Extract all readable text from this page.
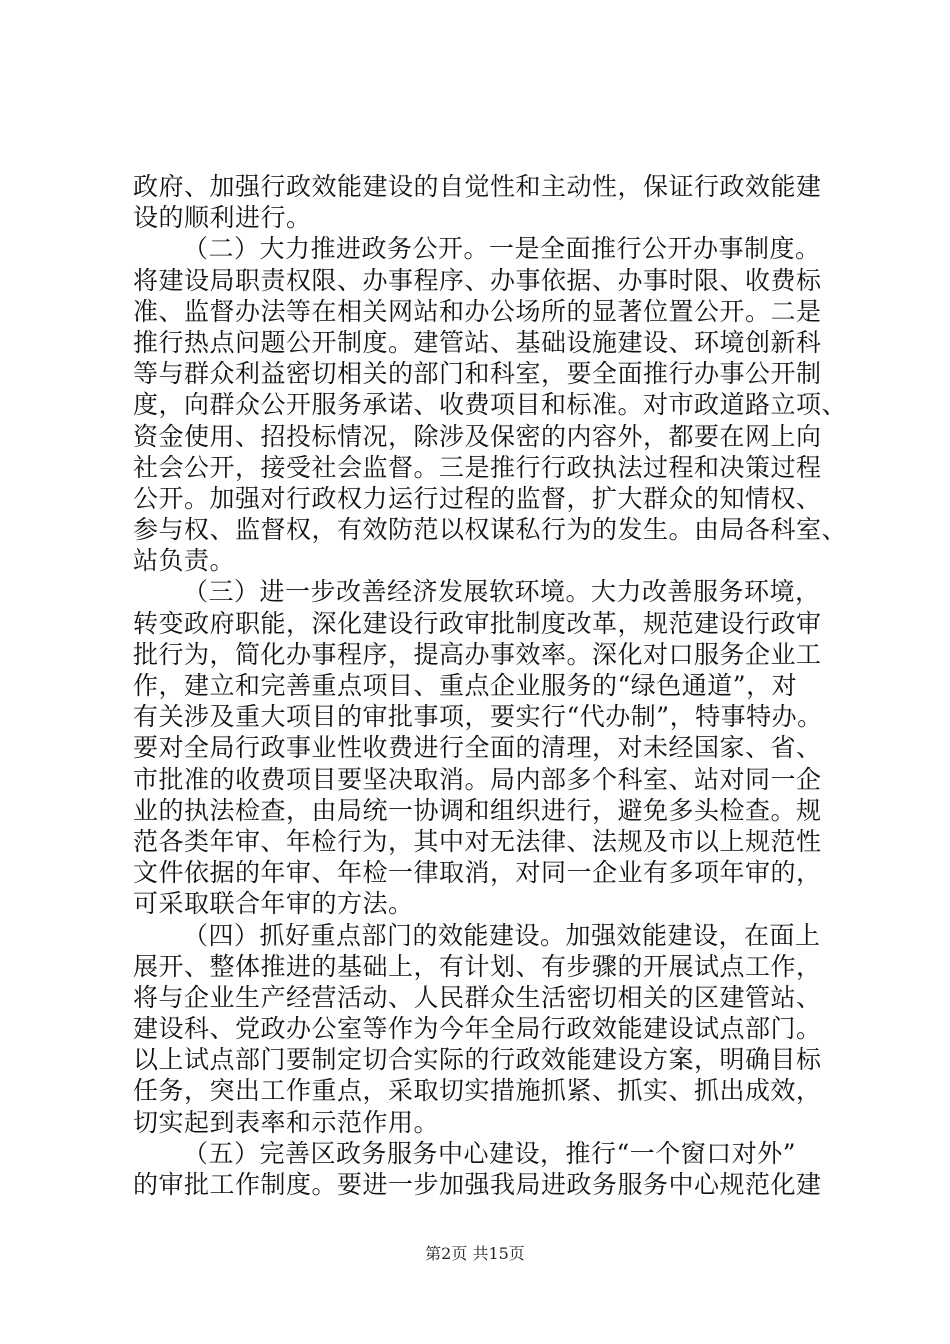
政府、加强行政效能建设的自觉性和主动性，保证行政效能建
设的顺利进行。
（二）大力推进政务公开。一是全面推行公开办事制度。
将建设局职责权限、办事程序、办事依据、办事时限、收费标
准、监督办法等在相关网站和办公场所的显著位置公开。二是
推行热点问题公开制度。建管站、基础设施建设、环境创新科
等与群众利益密切相关的部门和科室，要全面推行办事公开制
度，向群众公开服务承诺、收费项目和标准。对市政道路立项、
资金使用、招投标情况，除涉及保密的内容外，都要在网上向
社会公开，接受社会监督。三是推行行政执法过程和决策过程
公开。加强对行政权力运行过程的监督，扩大群众的知情权、
参与权、监督权，有效防范以权谋私行为的发生。由局各科室、
站负责。
（三）进一步改善经济发展软环境。大力改善服务环境，
转变政府职能，深化建设行政审批制度改革，规范建设行政审
批行为，简化办事程序，提高办事效率。深化对口服务企业工
作，建立和完善重点项目、重点企业服务的“绿色通道”，对
有关涉及重大项目的审批事项，要实行“代办制”，特事特办。
要对全局行政事业性收费进行全面的清理，对未经国家、省、
市批准的收费项目要坚决取消。局内部多个科室、站对同一企
业的执法检查，由局统一协调和组织进行，避免多头检查。规
范各类年审、年检行为，其中对无法律、法规及市以上规范性
文件依据的年审、年检一律取消，对同一企业有多项年审的，
可采取联合年审的方法。
（四）抓好重点部门的效能建设。加强效能建设，在面上
展开、整体推进的基础上，有计划、有步骤的开展试点工作，
将与企业生产经营活动、人民群众生活密切相关的区建管站、
建设科、党政办公室等作为今年全局行政效能建设试点部门。
以上试点部门要制定切合实际的行政效能建设方案，明确目标
任务，突出工作重点，采取切实措施抓紧、抓实、抓出成效，
切实起到表率和示范作用。
（五）完善区政务服务中心建设，推行“一个窗口对外”
的审批工作制度。要进一步加强我局进政务服务中心规范化建
第2页 共15页
